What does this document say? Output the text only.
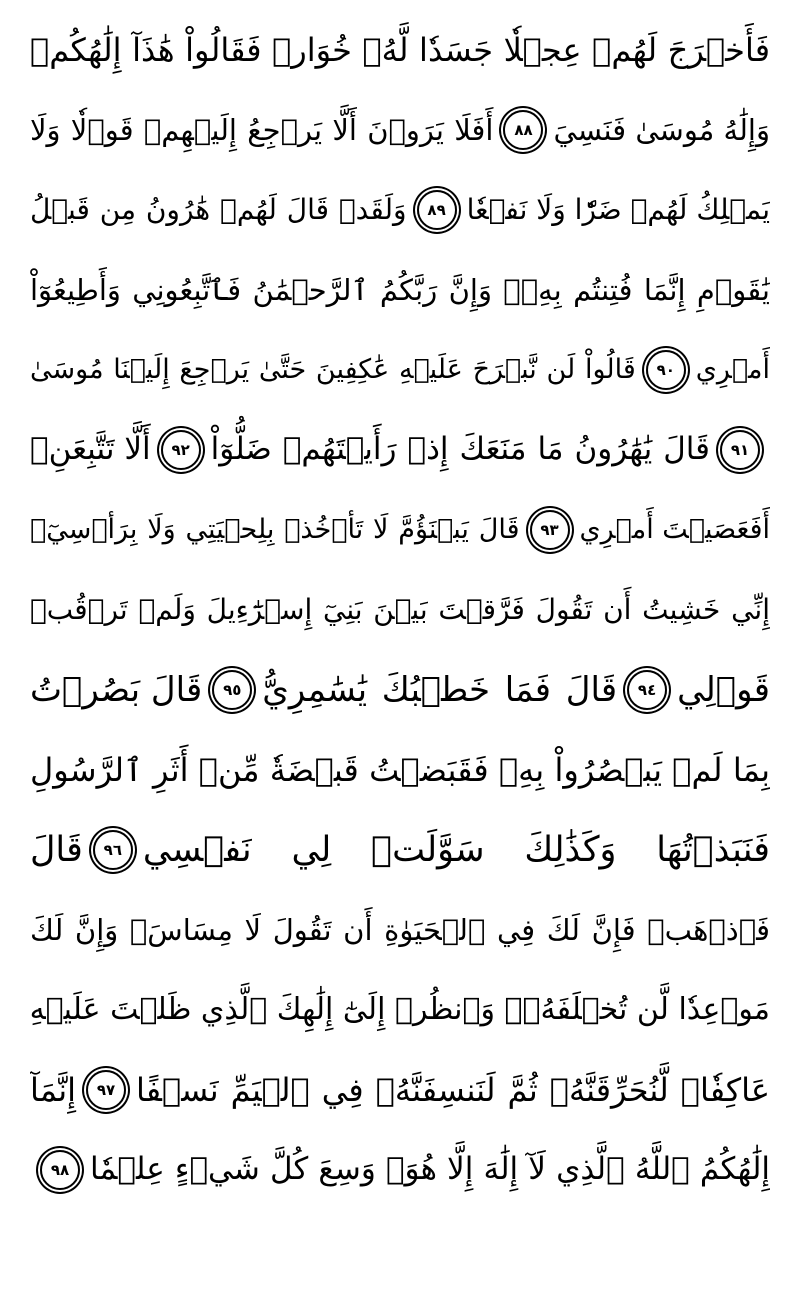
فَأَخۡرَجَ لَهُمۡ عِجۡلٗا جَسَدٗا لَّهُۥ خُوَارٞ فَقَالُواْ هَٰذَآ إِلَٰهُكُمۡ
وَإِلَٰهُ مُوسَىٰ فَنَسِيَ
٨٨
أَفَلَا يَرَوۡنَ أَلَّا يَرۡجِعُ إِلَيۡهِمۡ قَوۡلٗا وَلَا
يَمۡلِكُ لَهُمۡ ضَرّٗا وَلَا نَفۡعٗا
٨٩
وَلَقَدۡ قَالَ لَهُمۡ هَٰرُونُ مِن قَبۡلُ
يَٰقَوۡمِ إِنَّمَا فُتِنتُم بِهِۦۖ وَإِنَّ رَبَّكُمُ ٱلرَّحۡمَٰنُ فَٱتَّبِعُونِي وَأَطِيعُوٓاْ
أَمۡرِي
٩٠
قَالُواْ لَن نَّبۡرَحَ عَلَيۡهِ عَٰكِفِينَ حَتَّىٰ يَرۡجِعَ إِلَيۡنَا مُوسَىٰ
٩١
قَالَ يَٰهَٰرُونُ مَا مَنَعَكَ إِذۡ رَأَيۡتَهُمۡ ضَلُّوٓاْ
٩٢
أَلَّا تَتَّبِعَنِۖ
أَفَعَصَيۡتَ أَمۡرِي
٩٣
قَالَ يَبۡنَؤُمَّ لَا تَأۡخُذۡ بِلِحۡيَتِي وَلَا بِرَأۡسِيٓۖ
إِنِّي خَشِيتُ أَن تَقُولَ فَرَّقۡتَ بَيۡنَ بَنِيٓ إِسۡرَٰٓءِيلَ وَلَمۡ تَرۡقُبۡ
قَوۡلِي
٩٤
قَالَ فَمَا خَطۡبُكَ يَٰسَٰمِرِيُّ
٩٥
قَالَ بَصُرۡتُ
بِمَا لَمۡ يَبۡصُرُواْ بِهِۦ فَقَبَضۡتُ قَبۡضَةٗ مِّنۡ أَثَرِ ٱلرَّسُولِ
فَنَبَذۡتُهَا وَكَذَٰلِكَ سَوَّلَتۡ لِي نَفۡسِي
٩٦
قَالَ
فَٱذۡهَبۡ فَإِنَّ لَكَ فِي ٱلۡحَيَوٰةِ أَن تَقُولَ لَا مِسَاسَۖ وَإِنَّ لَكَ
مَوۡعِدٗا لَّن تُخۡلَفَهُۥۖ وَٱنظُرۡ إِلَىٰٓ إِلَٰهِكَ ٱلَّذِي ظَلۡتَ عَلَيۡهِ
عَاكِفٗاۖ لَّنُحَرِّقَنَّهُۥ ثُمَّ لَنَنسِفَنَّهُۥ فِي ٱلۡيَمِّ نَسۡفًا
٩٧
إِنَّمَآ
إِلَٰهُكُمُ ٱللَّهُ ٱلَّذِي لَآ إِلَٰهَ إِلَّا هُوَۚ وَسِعَ كُلَّ شَيۡءٍ عِلۡمٗا
٩٨
